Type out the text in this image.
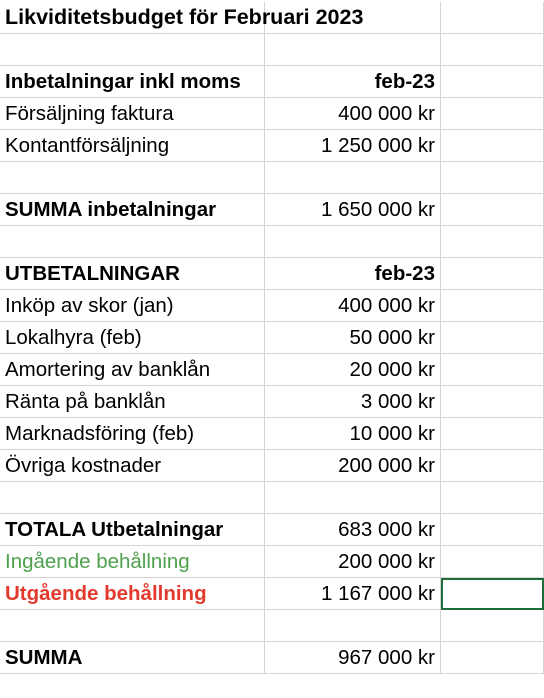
Likviditetsbudget för Februari 2023
Inbetalningar inkl moms	feb-23
Försäljning faktura	400 000 kr
Kontantförsäljning	1 250 000 kr
SUMMA inbetalningar	1 650 000 kr
UTBETALNINGAR	feb-23
Inköp av skor (jan)	400 000 kr
Lokalhyra (feb)	50 000 kr
Amortering av banklån	20 000 kr
Ränta på banklån	3 000 kr
Marknadsföring (feb)	10 000 kr
Övriga kostnader	200 000 kr
TOTALA Utbetalningar	683 000 kr
Ingående behållning	200 000 kr
Utgående behållning	1 167 000 kr
SUMMA	967 000 kr
